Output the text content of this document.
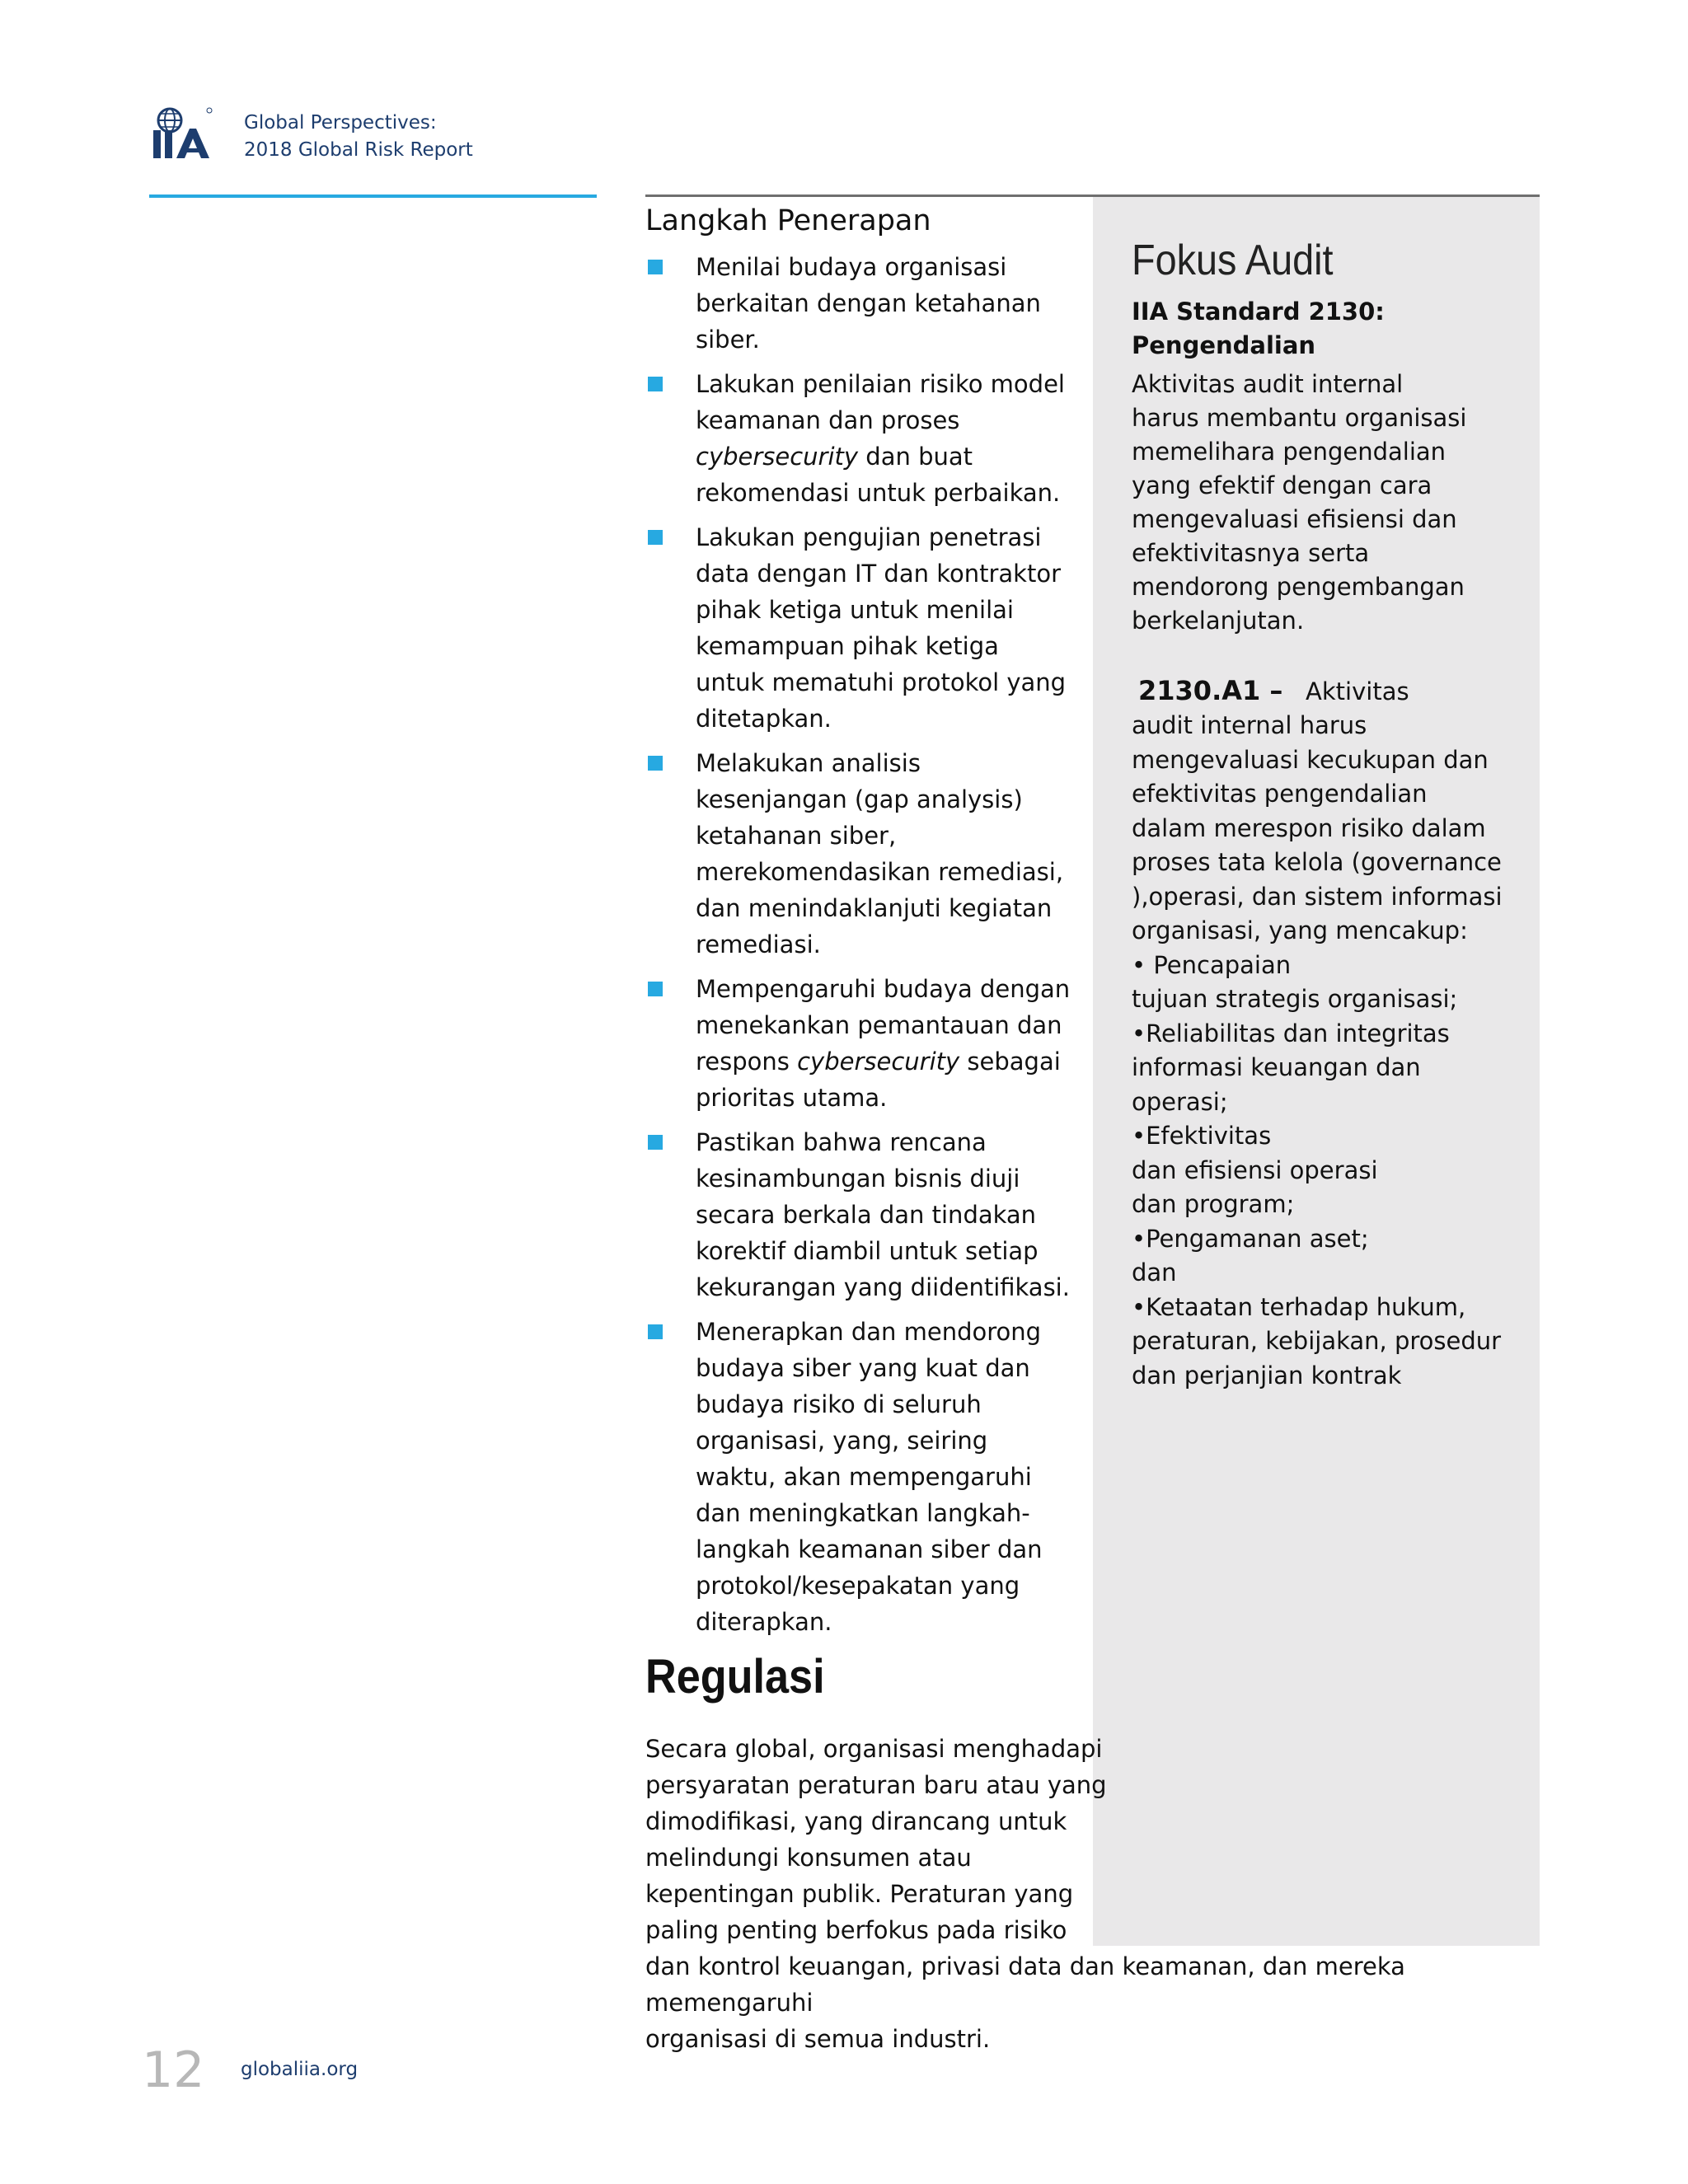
Global Perspectives:
2018 Global Risk Report
Langkah Penerapan
Menilai budaya organisasi berkaitan dengan ketahanan siber.
Lakukan penilaian risiko model keamanan dan proses cybersecurity dan buat rekomendasi untuk perbaikan.
Lakukan pengujian penetrasi data dengan IT dan kontraktor pihak ketiga untuk menilai kemampuan pihak ketiga untuk mematuhi protokol yang ditetapkan.
Melakukan analisis kesenjangan (gap analysis) ketahanan siber, merekomendasikan remediasi, dan menindaklanjuti kegiatan remediasi.
Mempengaruhi budaya dengan menekankan pemantauan dan respons cybersecurity sebagai prioritas utama.
Pastikan bahwa rencana kesinambungan bisnis diuji secara berkala dan tindakan korektif diambil untuk setiap kekurangan yang diidentifikasi.
Menerapkan dan mendorong budaya siber yang kuat dan budaya risiko di seluruh organisasi, yang, seiring waktu, akan mempengaruhi dan meningkatkan langkah-langkah keamanan siber dan protokol/kesepakatan yang diterapkan.
Regulasi
Secara global, organisasi menghadapi
persyaratan peraturan baru atau yang
dimodifikasi, yang dirancang untuk
melindungi konsumen atau
kepentingan publik. Peraturan yang
paling penting berfokus pada risiko
dan kontrol keuangan, privasi data dan keamanan, dan mereka memengaruhi
organisasi di semua industri.
Fokus Audit

IIA Standard 2130:

Pengendalian

Aktivitas audit internal
harus membantu organisasi
memelihara pengendalian
yang efektif dengan cara
mengevaluasi efisiensi dan
efektivitasnya serta
mendorong pengembangan
berkelanjutan.

2130.A1 – Aktivitas

audit internal harus

mengevaluasi kecukupan dan

efektivitas pengendalian

dalam merespon risiko dalam

proses tata kelola (governance

),operasi, dan sistem informasi

organisasi, yang mencakup:

• Pencapaian

tujuan strategis organisasi;

•Reliabilitas dan integritas

informasi keuangan dan operasi;

•Efektivitas

dan efisiensi operasi

dan program;

•Pengamanan aset;

dan

•Ketaatan terhadap hukum,

peraturan, kebijakan, prosedur

dan perjanjian kontrak

12 globaliia.org
